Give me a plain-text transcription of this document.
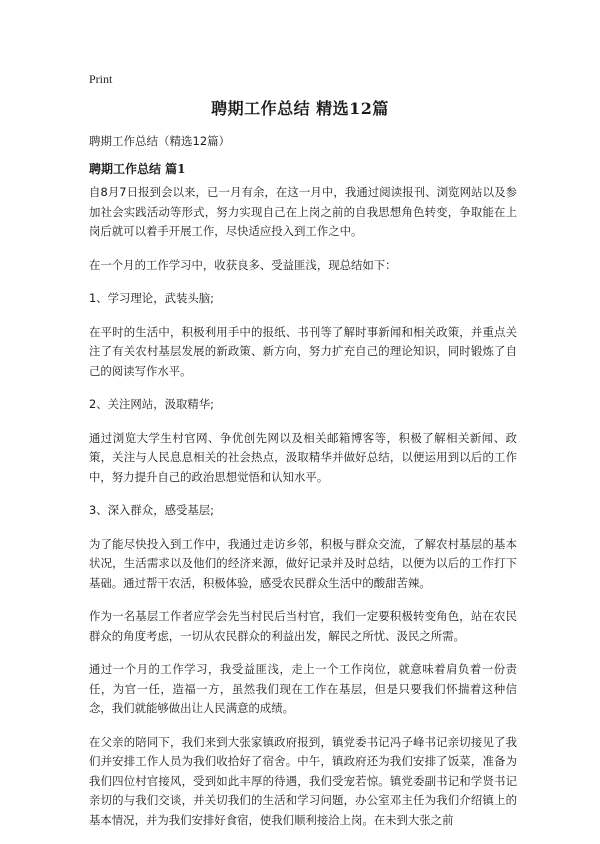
Print
聘期工作总结 精选12篇

聘期工作总结（精选12篇）

聘期工作总结 篇1

自8月7日报到会以来，已一月有余，在这一月中，我通过阅读报刊、浏览网站以及参加社会实践活动等形式，努力实现自己在上岗之前的自我思想角色转变，争取能在上岗后就可以着手开展工作，尽快适应投入到工作之中。

在一个月的工作学习中，收获良多、受益匪浅，现总结如下：

1、学习理论，武装头脑;

在平时的生活中，积极利用手中的报纸、书刊等了解时事新闻和相关政策，并重点关注了有关农村基层发展的新政策、新方向，努力扩充自己的理论知识，同时锻炼了自己的阅读写作水平。

2、关注网站，汲取精华;

通过浏览大学生村官网、争优创先网以及相关邮箱博客等，积极了解相关新闻、政策，关注与人民息息相关的社会热点，汲取精华并做好总结，以便运用到以后的工作中，努力提升自己的政治思想觉悟和认知水平。

3、深入群众，感受基层;

为了能尽快投入到工作中，我通过走访乡邻，积极与群众交流，了解农村基层的基本状况，生活需求以及他们的经济来源，做好记录并及时总结，以便为以后的工作打下基础。通过帮干农活，积极体验，感受农民群众生活中的酸甜苦辣。

作为一名基层工作者应学会先当村民后当村官，我们一定要积极转变角色，站在农民群众的角度考虑，一切从农民群众的利益出发，解民之所忧、汲民之所需。

通过一个月的工作学习，我受益匪浅，走上一个工作岗位，就意味着肩负着一份责任，为官一任，造福一方，虽然我们现在工作在基层，但是只要我们怀揣着这种信念，我们就能够做出让人民满意的成绩。

在父亲的陪同下，我们来到大张家镇政府报到，镇党委书记冯子峰书记亲切接见了我们并安排工作人员为我们收拾好了宿舍。中午，镇政府还为我们安排了饭菜，准备为我们四位村官接风，受到如此丰厚的待遇，我们受宠若惊。镇党委副书记和学贤书记亲切的与我们交谈，并关切我们的生活和学习问题，办公室邓主任为我们介绍镇上的基本情况，并为我们安排好食宿，使我们顺利接洽上岗。在未到大张之前
